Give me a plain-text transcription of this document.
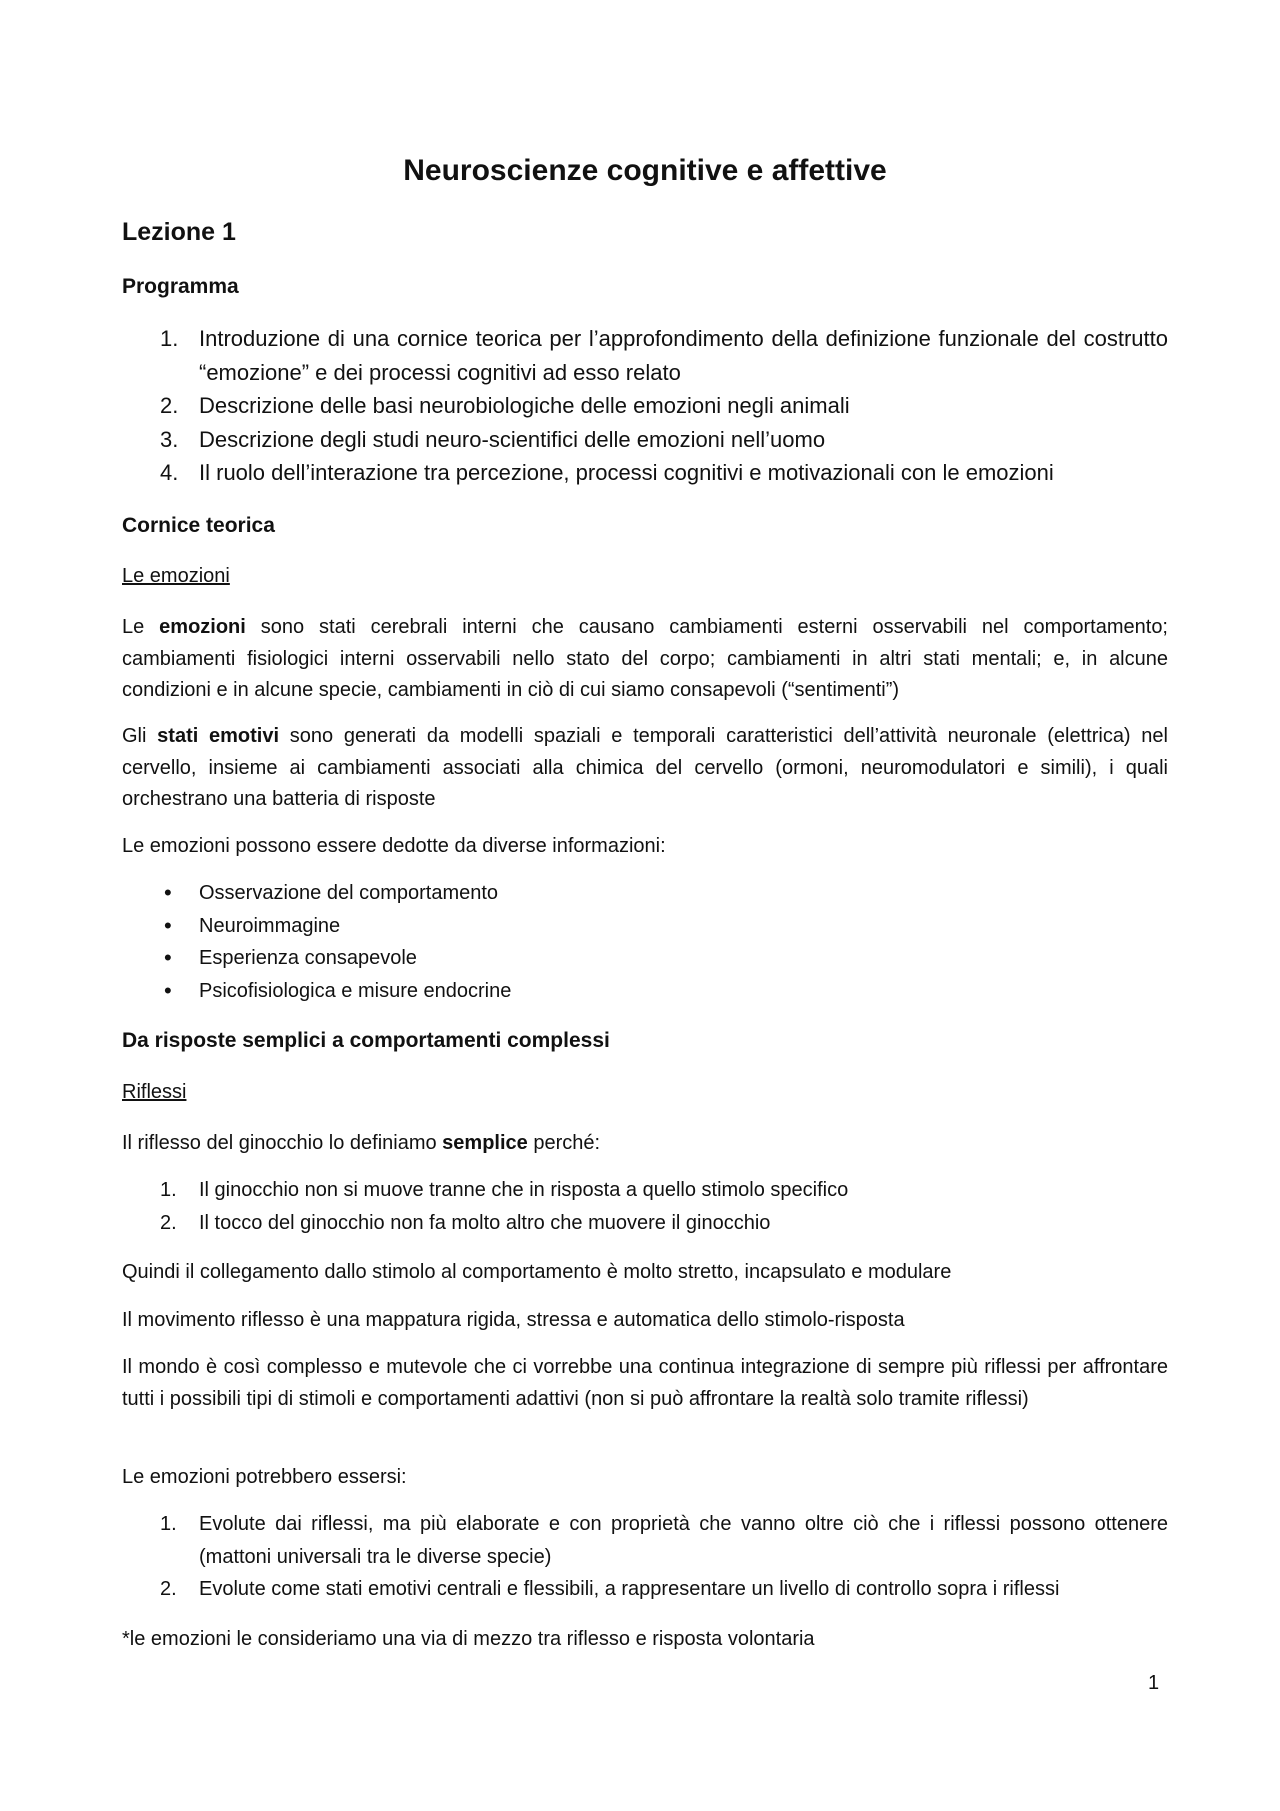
Neuroscienze cognitive e affettive
Lezione 1
Programma
1. Introduzione di una cornice teorica per l’approfondimento della definizione funzionale del costrutto “emozione” e dei processi cognitivi ad esso relato
2. Descrizione delle basi neurobiologiche delle emozioni negli animali
3. Descrizione degli studi neuro-scientifici delle emozioni nell’uomo
4. Il ruolo dell’interazione tra percezione, processi cognitivi e motivazionali con le emozioni
Cornice teorica
Le emozioni
Le emozioni sono stati cerebrali interni che causano cambiamenti esterni osservabili nel comportamento; cambiamenti fisiologici interni osservabili nello stato del corpo; cambiamenti in altri stati mentali; e, in alcune condizioni e in alcune specie, cambiamenti in ciò di cui siamo consapevoli (“sentimenti”)
Gli stati emotivi sono generati da modelli spaziali e temporali caratteristici dell’attività neuronale (elettrica) nel cervello, insieme ai cambiamenti associati alla chimica del cervello (ormoni, neuromodulatori e simili), i quali orchestrano una batteria di risposte
Le emozioni possono essere dedotte da diverse informazioni:
• Osservazione del comportamento
• Neuroimmagine
• Esperienza consapevole
• Psicofisiologica e misure endocrine
Da risposte semplici a comportamenti complessi
Riflessi
Il riflesso del ginocchio lo definiamo semplice perché:
1.	Il ginocchio non si muove tranne che in risposta a quello stimolo specifico
2.	Il tocco del ginocchio non fa molto altro che muovere il ginocchio
Quindi il collegamento dallo stimolo al comportamento è molto stretto, incapsulato e modulare
Il movimento riflesso è una mappatura rigida, stressa e automatica dello stimolo-risposta
Il mondo è così complesso e mutevole che ci vorrebbe una continua integrazione di sempre più riflessi per affrontare tutti i possibili tipi di stimoli e comportamenti adattivi (non si può affrontare la realtà solo tramite riflessi)
Le emozioni potrebbero essersi:
1.	Evolute dai riflessi, ma più elaborate e con proprietà che vanno oltre ciò che i riflessi possono ottenere (mattoni universali tra le diverse specie)
2.	Evolute come stati emotivi centrali e flessibili, a rappresentare un livello di controllo sopra i riflessi
*le emozioni le consideriamo una via di mezzo tra riflesso e risposta volontaria
1
